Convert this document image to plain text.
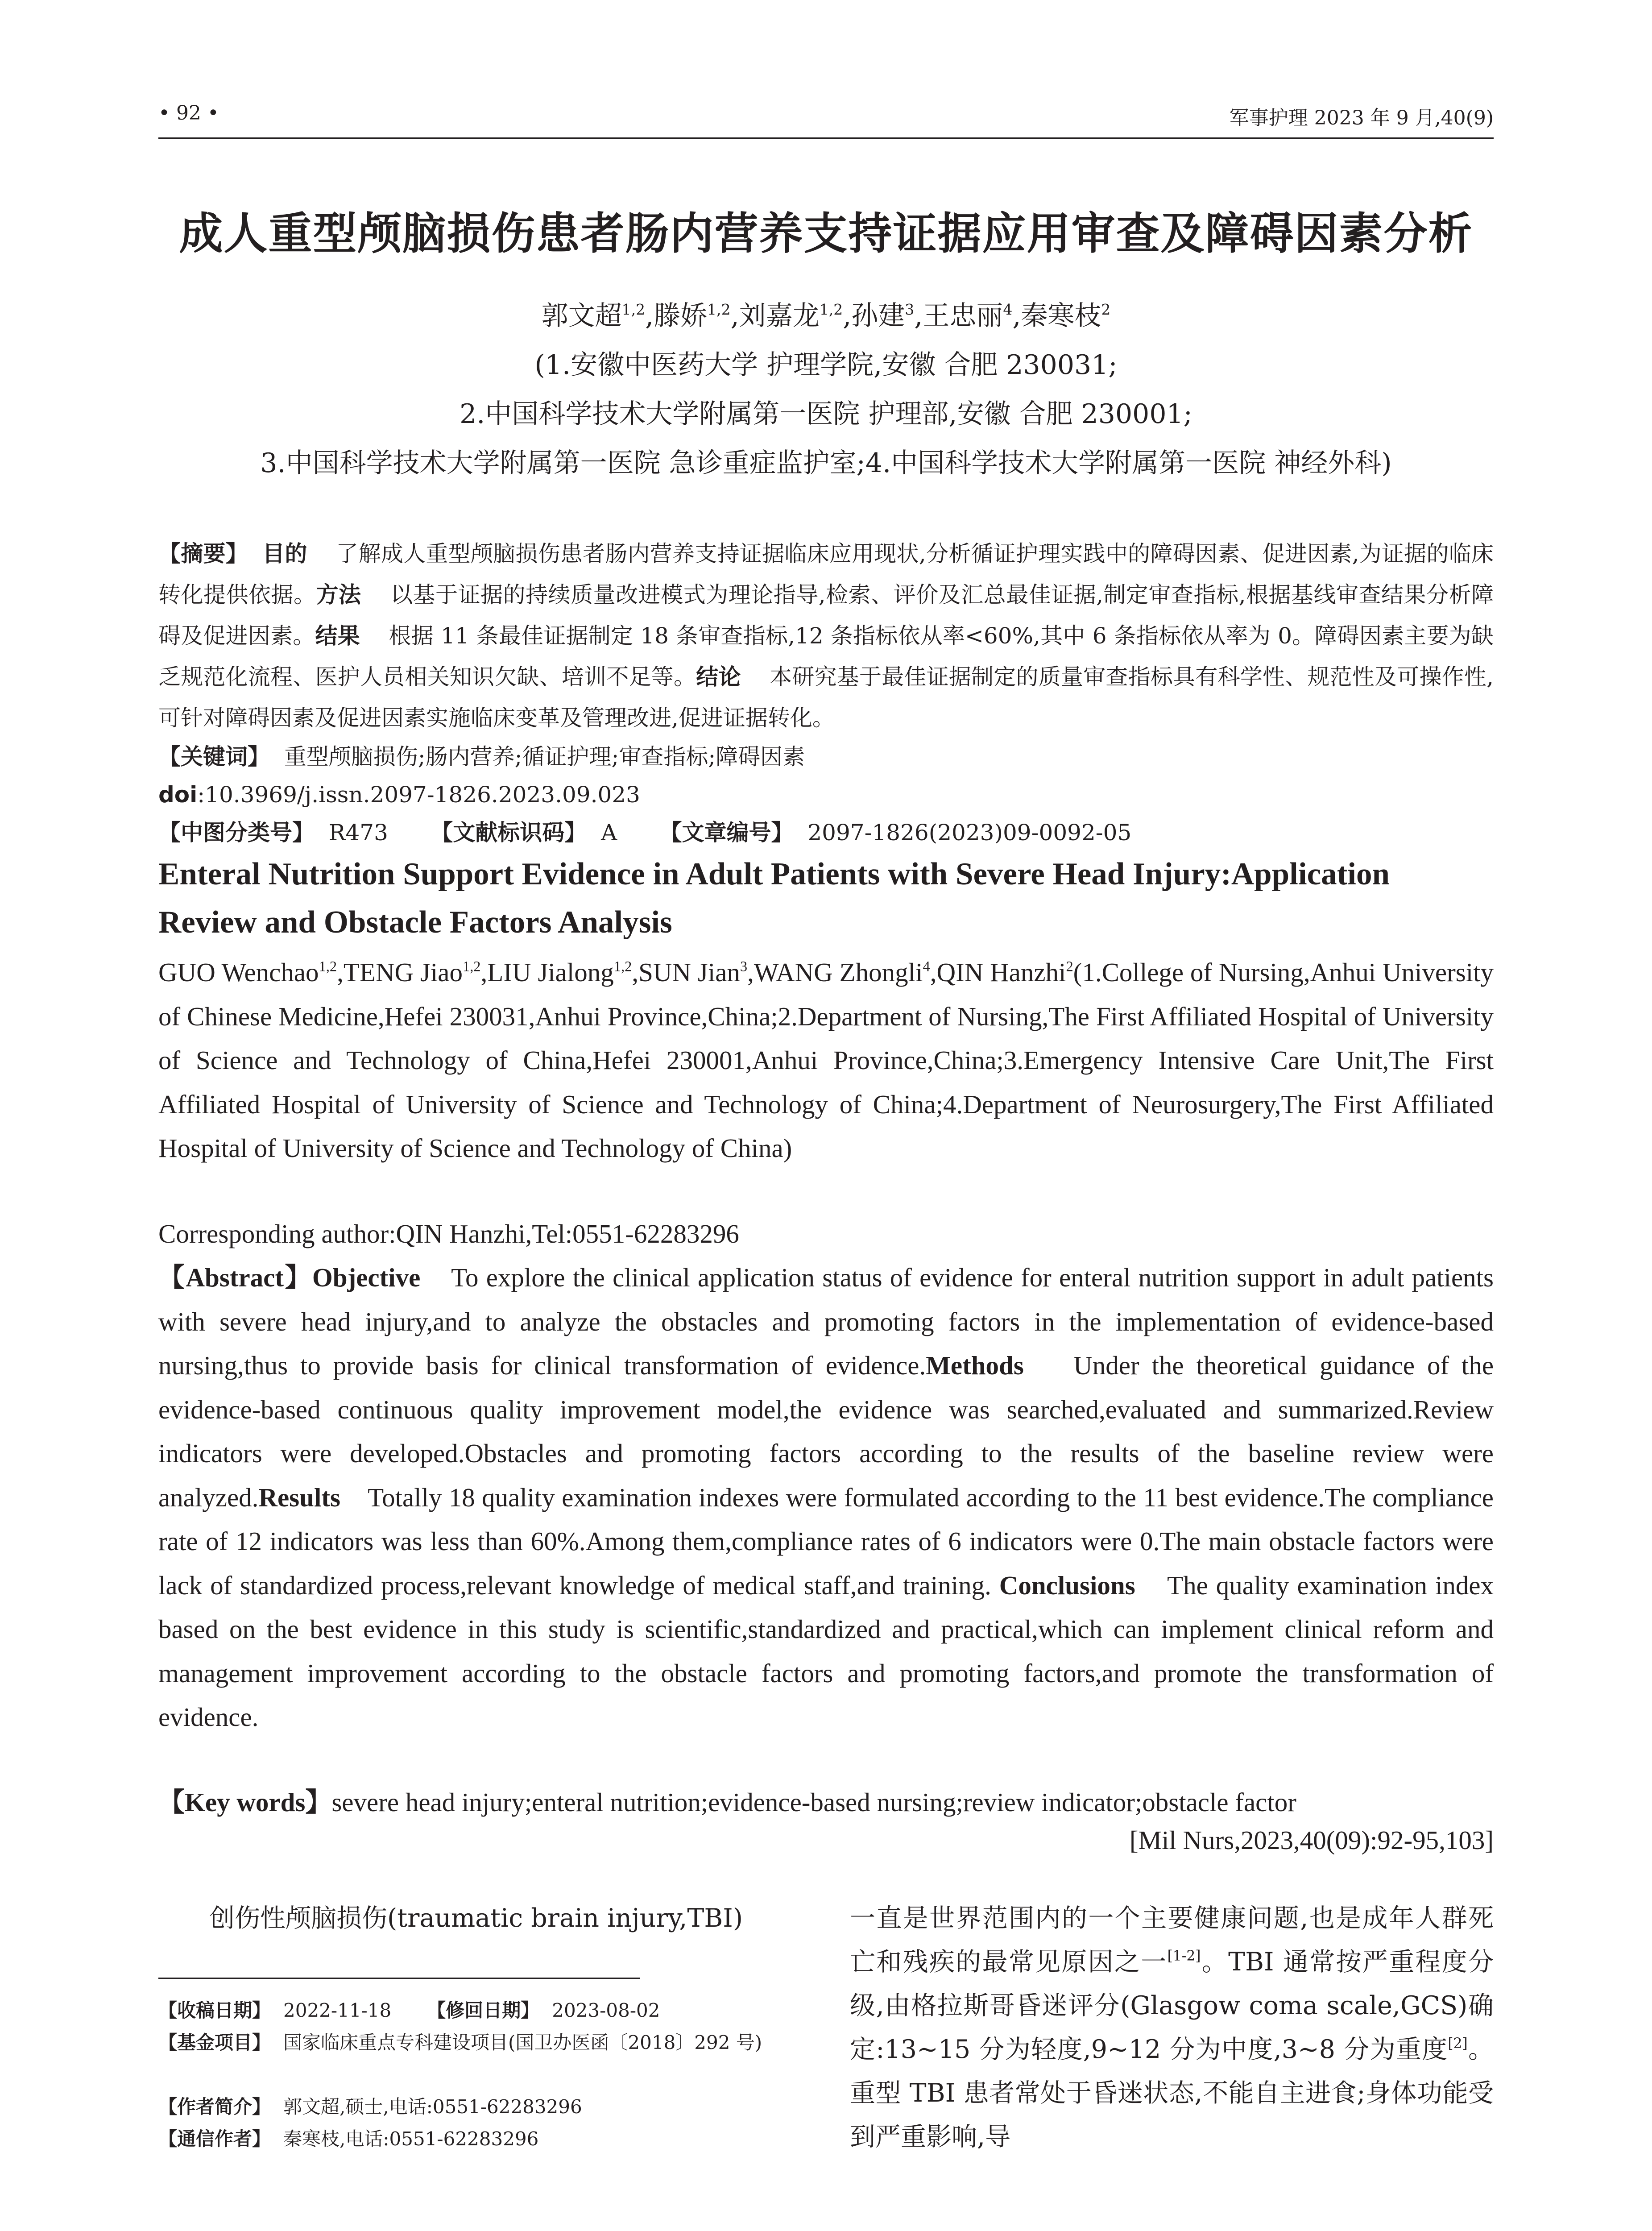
• 92 •	军事护理 2023 年 9 月,40(9)
成人重型颅脑损伤患者肠内营养支持证据应用审查及障碍因素分析
郭文超$^{1,2}$,滕娇$^{1,2}$,刘嘉龙$^{1,2}$,孙建$^3$,王忠丽$^4$,秦寒枝$^2$
(1.安徽中医药大学 护理学院,安徽 合肥 230031;
2.中国科学技术大学附属第一医院 护理部,安徽 合肥 230001;
3.中国科学技术大学附属第一医院 急诊重症监护室;4.中国科学技术大学附属第一医院 神经外科)
【摘要】 目的 了解成人重型颅脑损伤患者肠内营养支持证据临床应用现状,分析循证护理实践中的障碍因素、促进因素,为证据的临床转化提供依据。方法 以基于证据的持续质量改进模式为理论指导,检索、评价及汇总最佳证据,制定审查指标,根据基线审查结果分析障碍及促进因素。结果 根据 11 条最佳证据制定 18 条审查指标,12 条指标依从率<60%,其中 6 条指标依从率为 0。障碍因素主要为缺乏规范化流程、医护人员相关知识欠缺、培训不足等。结论 本研究基于最佳证据制定的质量审查指标具有科学性、规范性及可操作性,可针对障碍因素及促进因素实施临床变革及管理改进,促进证据转化。
【关键词】 重型颅脑损伤;肠内营养;循证护理;审查指标;障碍因素
doi:10.3969/j.issn.2097-1826.2023.09.023
【中图分类号】 R473 【文献标识码】 A 【文章编号】 2097-1826(2023)09-0092-05
Enteral Nutrition Support Evidence in Adult Patients with Severe Head Injury:Application Review and Obstacle Factors Analysis
GUO Wenchao$^{1,2}$,TENG Jiao$^{1,2}$,LIU Jialong$^{1,2}$,SUN Jian$^3$,WANG Zhongli$^4$,QIN Hanzhi$^2$(1.College of Nursing,Anhui University of Chinese Medicine,Hefei 230031,Anhui Province,China;2.Department of Nursing,The First Affiliated Hospital of University of Science and Technology of China,Hefei 230001,Anhui Province,China;3.Emergency Intensive Care Unit,The First Affiliated Hospital of University of Science and Technology of China;4.Department of Neurosurgery,The First Affiliated Hospital of University of Science and Technology of China)
Corresponding author:QIN Hanzhi,Tel:0551-62283296
【Abstract】Objective To explore the clinical application status of evidence for enteral nutrition support in adult patients with severe head injury,and to analyze the obstacles and promoting factors in the implementation of evidence-based nursing,thus to provide basis for clinical transformation of evidence.Methods Under the theoretical guidance of the evidence-based continuous quality improvement model,the evidence was searched,evaluated and summarized.Review indicators were developed.Obstacles and promoting factors according to the results of the baseline review were analyzed.Results Totally 18 quality examination indexes were formulated according to the 11 best evidence.The compliance rate of 12 indicators was less than 60%.Among them,compliance rates of 6 indicators were 0.The main obstacle factors were lack of standardized process,relevant knowledge of medical staff,and training. Conclusions The quality examination index based on the best evidence in this study is scientific,standardized and practical,which can implement clinical reform and management improvement according to the obstacle factors and promoting factors,and promote the transformation of evidence.
【Key words】severe head injury;enteral nutrition;evidence-based nursing;review indicator;obstacle factor
[Mil Nurs,2023,40(09):92-95,103]
创伤性颅脑损伤(traumatic brain injury,TBI)	一直是世界范围内的一个主要健康问题,也是成年人群死亡和残疾的最常见原因之一[1-2]。TBI 通常按严重程度分级,由格拉斯哥昏迷评分(Glasgow coma scale,GCS)确定:13~15 分为轻度,9~12 分为中度,3~8 分为重度[2]。重型 TBI 患者常处于昏迷状态,不能自主进食;身体功能受到严重影响,导
【收稿日期】 2022-11-18 【修回日期】 2023-08-02
【基金项目】 国家临床重点专科建设项目(国卫办医函〔2018〕292 号)
【作者简介】 郭文超,硕士,电话:0551-62283296
【通信作者】 秦寒枝,电话:0551-62283296
